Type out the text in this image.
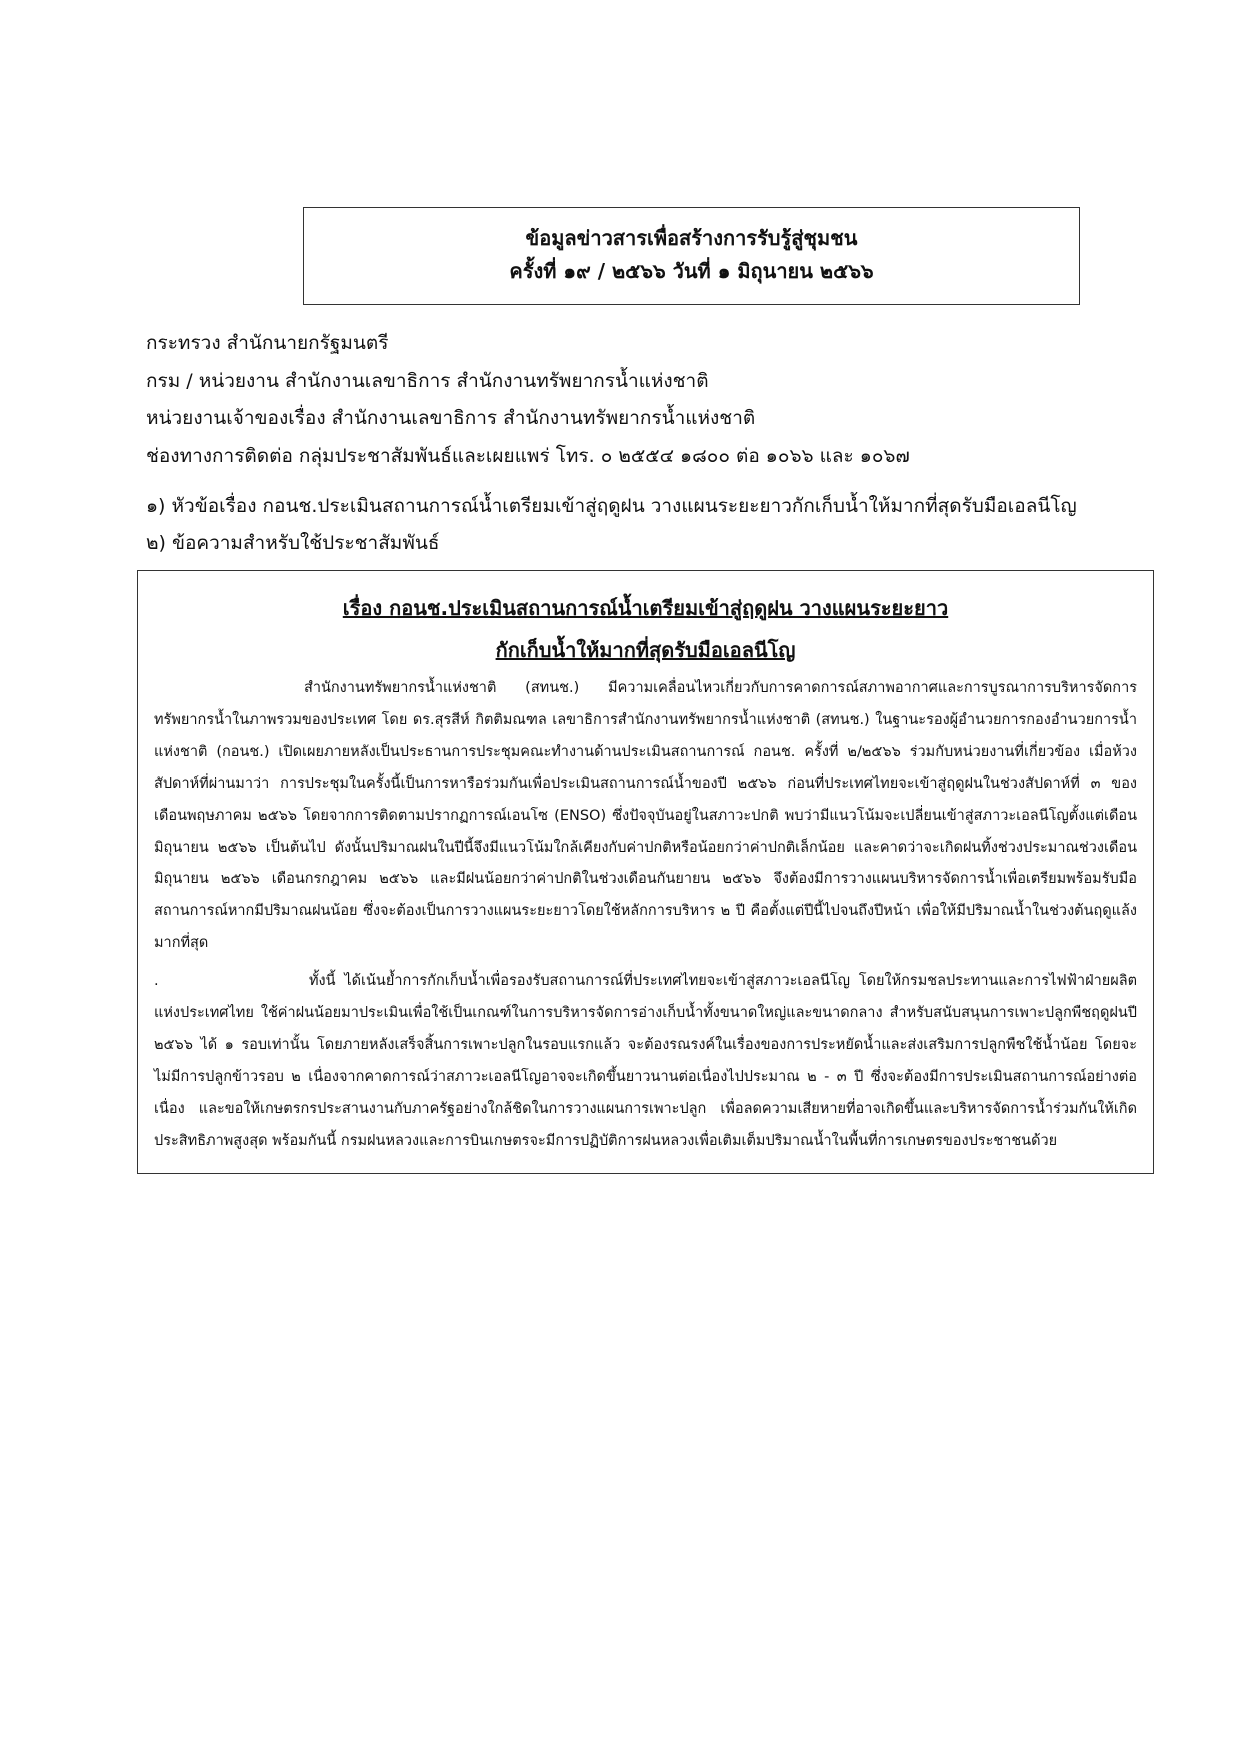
ข้อมูลข่าวสารเพื่อสร้างการรับรู้สู่ชุมชน
ครั้งที่ ๑๙ / ๒๕๖๖ วันที่ ๑ มิถุนายน ๒๕๖๖
กระทรวง สำนักนายกรัฐมนตรี
กรม / หน่วยงาน สำนักงานเลขาธิการ สำนักงานทรัพยากรน้ำแห่งชาติ
หน่วยงานเจ้าของเรื่อง สำนักงานเลขาธิการ สำนักงานทรัพยากรน้ำแห่งชาติ
ช่องทางการติดต่อ กลุ่มประชาสัมพันธ์และเผยแพร่ โทร. ๐ ๒๕๕๔ ๑๘๐๐ ต่อ ๑๐๖๖ และ ๑๐๖๗
๑) หัวข้อเรื่อง กอนช.ประเมินสถานการณ์น้ำเตรียมเข้าสู่ฤดูฝน วางแผนระยะยาวกักเก็บน้ำให้มากที่สุดรับมือเอลนีโญ
๒) ข้อความสำหรับใช้ประชาสัมพันธ์
เรื่อง กอนช.ประเมินสถานการณ์น้ำเตรียมเข้าสู่ฤดูฝน วางแผนระยะยาว
กักเก็บน้ำให้มากที่สุดรับมือเอลนีโญ
สำนักงานทรัพยากรน้ำแห่งชาติ (สทนช.) มีความเคลื่อนไหวเกี่ยวกับการคาดการณ์สภาพอากาศและการบูรณาการบริหารจัดการทรัพยากรน้ำในภาพรวมของประเทศ โดย ดร.สุรสีห์ กิตติมณฑล เลขาธิการสำนักงานทรัพยากรน้ำแห่งชาติ (สทนช.) ในฐานะรองผู้อำนวยการกองอำนวยการน้ำแห่งชาติ (กอนช.) เปิดเผยภายหลังเป็นประธานการประชุมคณะทำงานด้านประเมินสถานการณ์ กอนช. ครั้งที่ ๒/๒๕๖๖ ร่วมกับหน่วยงานที่เกี่ยวข้อง เมื่อห้วงสัปดาห์ที่ผ่านมาว่า การประชุมในครั้งนี้เป็นการหารือร่วมกันเพื่อประเมินสถานการณ์น้ำของปี ๒๕๖๖ ก่อนที่ประเทศไทยจะเข้าสู่ฤดูฝนในช่วงสัปดาห์ที่ ๓ ของเดือนพฤษภาคม ๒๕๖๖ โดยจากการติดตามปรากฏการณ์เอนโซ (ENSO) ซึ่งปัจจุบันอยู่ในสภาวะปกติ พบว่ามีแนวโน้มจะเปลี่ยนเข้าสู่สภาวะเอลนีโญตั้งแต่เดือนมิถุนายน ๒๕๖๖ เป็นต้นไป ดังนั้นปริมาณฝนในปีนี้จึงมีแนวโน้มใกล้เคียงกับค่าปกติหรือน้อยกว่าค่าปกติเล็กน้อย และคาดว่าจะเกิดฝนทิ้งช่วงประมาณช่วงเดือนมิถุนายน ๒๕๖๖ เดือนกรกฎาคม ๒๕๖๖ และมีฝนน้อยกว่าค่าปกติในช่วงเดือนกันยายน ๒๕๖๖ จึงต้องมีการวางแผนบริหารจัดการน้ำเพื่อเตรียมพร้อมรับมือสถานการณ์หากมีปริมาณฝนน้อย ซึ่งจะต้องเป็นการวางแผนระยะยาวโดยใช้หลักการบริหาร ๒ ปี คือตั้งแต่ปีนี้ไปจนถึงปีหน้า เพื่อให้มีปริมาณน้ำในช่วงต้นฤดูแล้งมากที่สุด
.	ทั้งนี้ ได้เน้นย้ำการกักเก็บน้ำเพื่อรองรับสถานการณ์ที่ประเทศไทยจะเข้าสู่สภาวะเอลนีโญ โดยให้กรมชลประทานและการไฟฟ้าฝ่ายผลิตแห่งประเทศไทย ใช้ค่าฝนน้อยมาประเมินเพื่อใช้เป็นเกณฑ์ในการบริหารจัดการอ่างเก็บน้ำทั้งขนาดใหญ่และขนาดกลาง สำหรับสนับสนุนการเพาะปลูกพืชฤดูฝนปี ๒๕๖๖ ได้ ๑ รอบเท่านั้น โดยภายหลังเสร็จสิ้นการเพาะปลูกในรอบแรกแล้ว จะต้องรณรงค์ในเรื่องของการประหยัดน้ำและส่งเสริมการปลูกพืชใช้น้ำน้อย โดยจะไม่มีการปลูกข้าวรอบ ๒ เนื่องจากคาดการณ์ว่าสภาวะเอลนีโญอาจจะเกิดขึ้นยาวนานต่อเนื่องไปประมาณ ๒ - ๓ ปี ซึ่งจะต้องมีการประเมินสถานการณ์อย่างต่อเนื่อง และขอให้เกษตรกรประสานงานกับภาครัฐอย่างใกล้ชิดในการวางแผนการเพาะปลูก เพื่อลดความเสียหายที่อาจเกิดขึ้นและบริหารจัดการน้ำร่วมกันให้เกิดประสิทธิภาพสูงสุด พร้อมกันนี้ กรมฝนหลวงและการบินเกษตรจะมีการปฏิบัติการฝนหลวงเพื่อเติมเต็มปริมาณน้ำในพื้นที่การเกษตรของประชาชนด้วย
